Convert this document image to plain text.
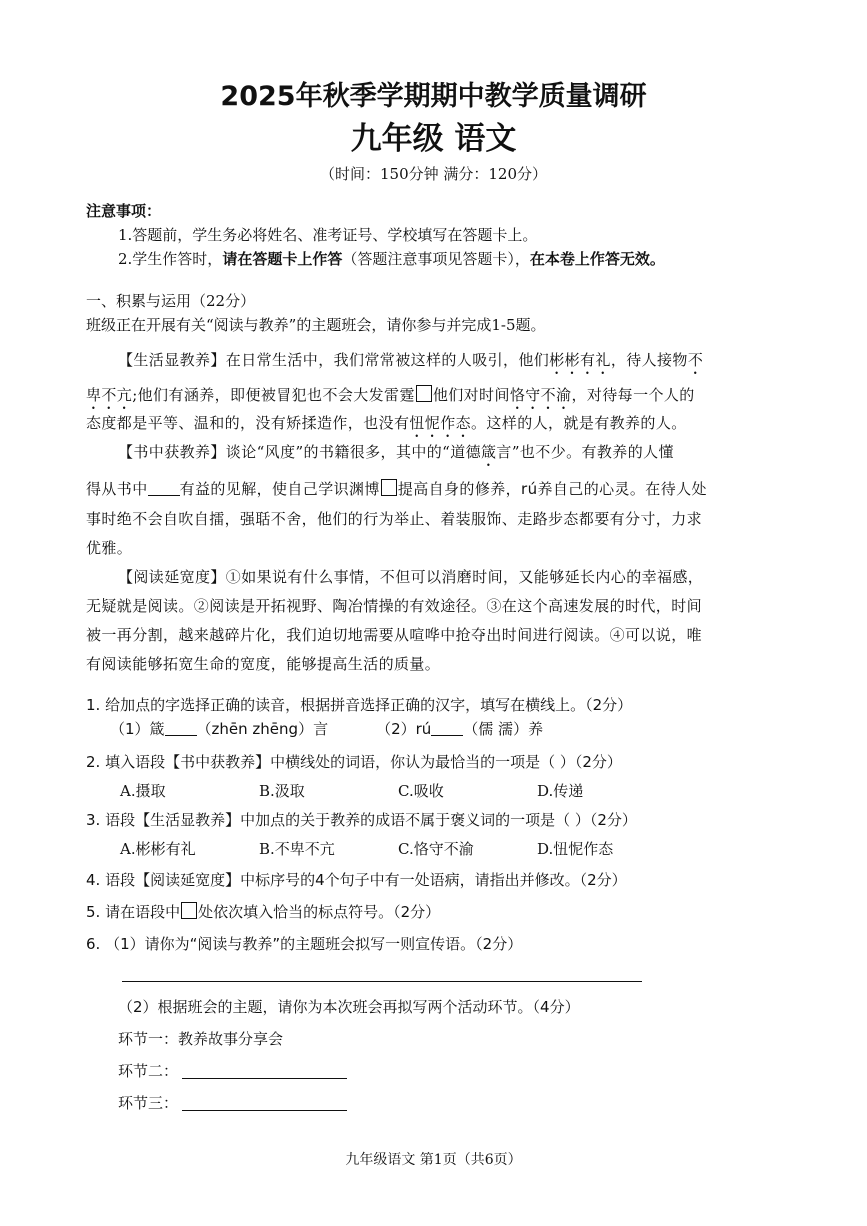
2025年秋季学期期中教学质量调研
九年级 语文
（时间：150分钟 满分：120分）
注意事项：
1.答题前，学生务必将姓名、准考证号、学校填写在答题卡上。
2.学生作答时，请在答题卡上作答（答题注意事项见答题卡），在本卷上作答无效。
一、积累与运用（22分）
班级正在开展有关“阅读与教养”的主题班会，请你参与并完成1-5题。
【生活显教养】在日常生活中，我们常常被这样的人吸引，他们彬彬有礼，待人接物不
卑不亢;他们有涵养，即便被冒犯也不会大发雷霆 他们对时间恪守不渝，对待每一个人的
态度都是平等、温和的，没有矫揉造作，也没有忸怩作态。这样的人，就是有教养的人。
【书中获教养】谈论“风度”的书籍很多，其中的“道德箴言”也不少。有教养的人懂
得从书中 有益的见解，使自己学识渊博 提高自身的修养，rú养自己的心灵。在待人处
事时绝不会自吹自擂，强聒不舍，他们的行为举止、着装服饰、走路步态都要有分寸，力求
优雅。
【阅读延宽度】①如果说有什么事情，不但可以消磨时间，又能够延长内心的幸福感，
无疑就是阅读。②阅读是开拓视野、陶冶情操的有效途径。③在这个高速发展的时代，时间
被一再分割，越来越碎片化，我们迫切地需要从喧哗中抢夺出时间进行阅读。④可以说，唯
有阅读能够拓宽生命的宽度，能够提高生活的质量。
1. 给加点的字选择正确的读音，根据拼音选择正确的汉字，填写在横线上。（2分）
（1）箴 （zhēn zhēng）言	（2）rú （儒 濡）养
2. 填入语段【书中获教养】中横线处的词语，你认为最恰当的一项是（ ）（2分）
A.摄取	B.汲取	C.吸收	D.传递
3. 语段【生活显教养】中加点的关于教养的成语不属于褒义词的一项是（ ）（2分）
A.彬彬有礼	B.不卑不亢	C.恪守不渝	D.忸怩作态
4. 语段【阅读延宽度】中标序号的4个句子中有一处语病，请指出并修改。（2分）
5. 请在语段中 处依次填入恰当的标点符号。（2分）
6. （1）请你为“阅读与教养”的主题班会拟写一则宣传语。（2分）
（2）根据班会的主题，请你为本次班会再拟写两个活动环节。（4分）
环节一：教养故事分享会
环节二：
环节三：
九年级语文 第1页（共6页）
